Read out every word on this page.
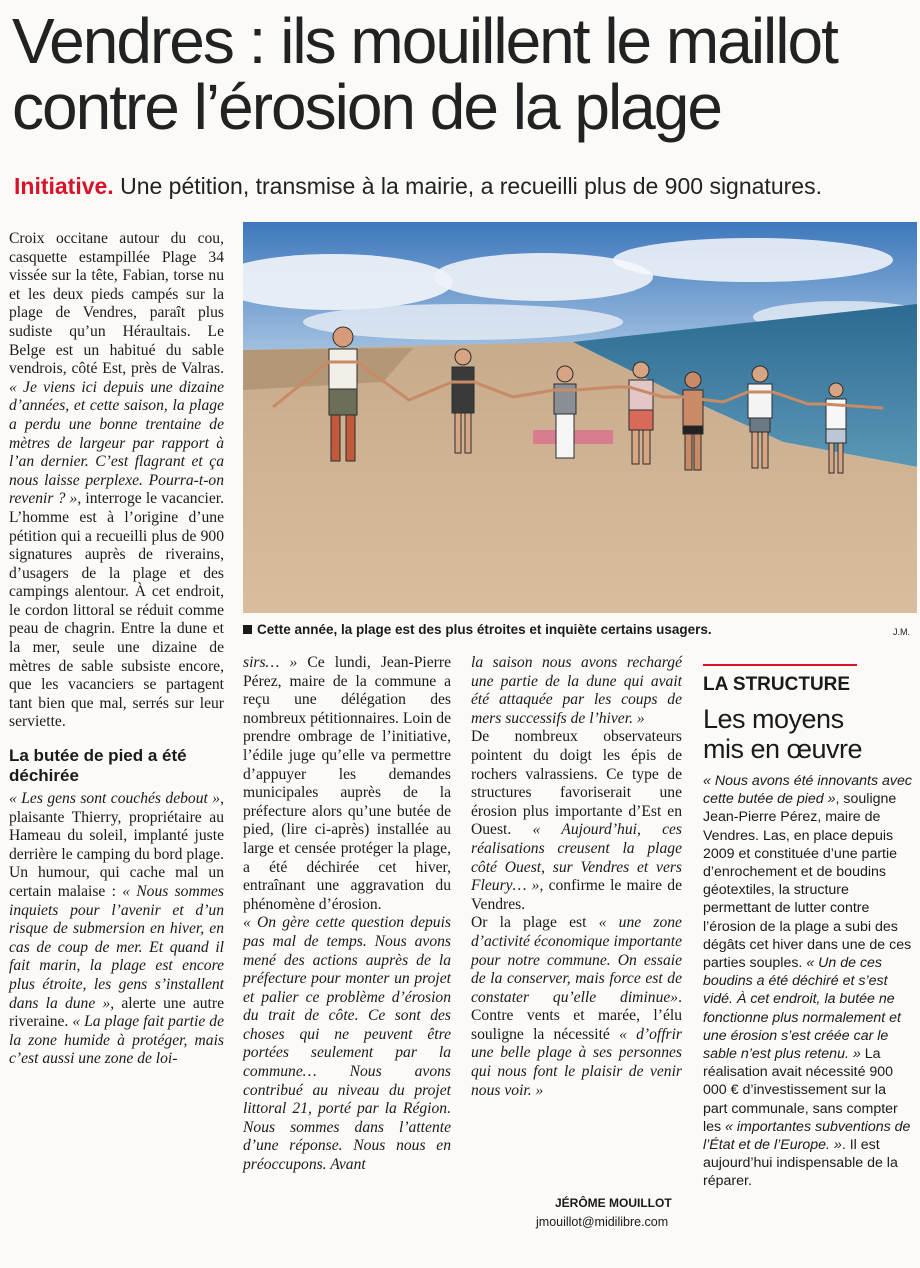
Vendres : ils mouillent le maillot
contre l’érosion de la plage
Initiative. Une pétition, transmise à la mairie, a recueilli plus de 900 signatures.

Croix occitane autour du cou, casquette estampillée Plage 34 vissée sur la tête, Fabian, torse nu et les deux pieds campés sur la plage de Vendres, paraît plus sudiste qu’un Héraultais. Le Belge est un habitué du sable vendrois, côté Est, près de Valras. « Je viens ici depuis une dizaine d’années, et cette saison, la plage a perdu une bonne trentaine de mètres de largeur par rapport à l’an dernier. C’est flagrant et ça nous laisse perplexe. Pourra-t-on revenir ? », interroge le vacancier. L’homme est à l’origine d’une pétition qui a recueilli plus de 900 signatures auprès de riverains, d’usagers de la plage et des campings alentour. À cet endroit, le cordon littoral se réduit comme peau de chagrin. Entre la dune et la mer, seule une dizaine de mètres de sable subsiste encore, que les vacanciers se partagent tant bien que mal, serrés sur leur serviette.

La butée de pied a été déchirée

« Les gens sont couchés debout », plaisante Thierry, propriétaire au Hameau du soleil, implanté juste derrière le camping du bord plage. Un humour, qui cache mal un certain malaise : « Nous sommes inquiets pour l’avenir et d’un risque de submersion en hiver, en cas de coup de mer. Et quand il fait marin, la plage est encore plus étroite, les gens s’installent dans la dune », alerte une autre riveraine. « La plage fait partie de la zone humide à protéger, mais c’est aussi une zone de loi-

Cette année, la plage est des plus étroites et inquiète certains usagers.	J.M.

sirs… » Ce lundi, Jean-Pierre Pérez, maire de la commune a reçu une délégation des nombreux pétitionnaires. Loin de prendre ombrage de l’initiative, l’édile juge qu’elle va permettre d’appuyer les demandes municipales auprès de la préfecture alors qu’une butée de pied, (lire ci-après) installée au large et censée protéger la plage, a été déchirée cet hiver, entraînant une aggravation du phénomène d’érosion.

« On gère cette question depuis pas mal de temps. Nous avons mené des actions auprès de la préfecture pour monter un projet et palier ce problème d’érosion du trait de côte. Ce sont des choses qui ne peuvent être portées seulement par la commune… Nous avons contribué au niveau du projet littoral 21, porté par la Région. Nous sommes dans l’attente d’une réponse. Nous nous en préoccupons. Avant

la saison nous avons rechargé une partie de la dune qui avait été attaquée par les coups de mers successifs de l’hiver. »

De nombreux observateurs pointent du doigt les épis de rochers valrassiens. Ce type de structures favoriserait une érosion plus importante d’Est en Ouest. « Aujourd’hui, ces réalisations creusent la plage côté Ouest, sur Vendres et vers Fleury… », confirme le maire de Vendres.

Or la plage est « une zone d’activité économique importante pour notre commune. On essaie de la conserver, mais force est de constater qu’elle diminue». Contre vents et marée, l’élu souligne la nécessité « d’offrir une belle plage à ses personnes qui nous font le plaisir de venir nous voir. »

JÉRÔME MOUILLOT
jmouillot@midilibre.com
LA STRUCTURE
Les moyens
mis en œuvre
« Nous avons été innovants avec cette butée de pied », souligne Jean-Pierre Pérez, maire de Vendres. Las, en place depuis 2009 et constituée d’une partie d’enrochement et de boudins géotextiles, la structure permettant de lutter contre l’érosion de la plage a subi des dégâts cet hiver dans une de ces parties souples. « Un de ces boudins a été déchiré et s’est vidé. À cet endroit, la butée ne fonctionne plus normalement et une érosion s’est créée car le sable n’est plus retenu. » La réalisation avait nécessité 900 000 € d’investissement sur la part communale, sans compter les « importantes subventions de l’État et de l’Europe. ». Il est aujourd’hui indispensable de la réparer.
